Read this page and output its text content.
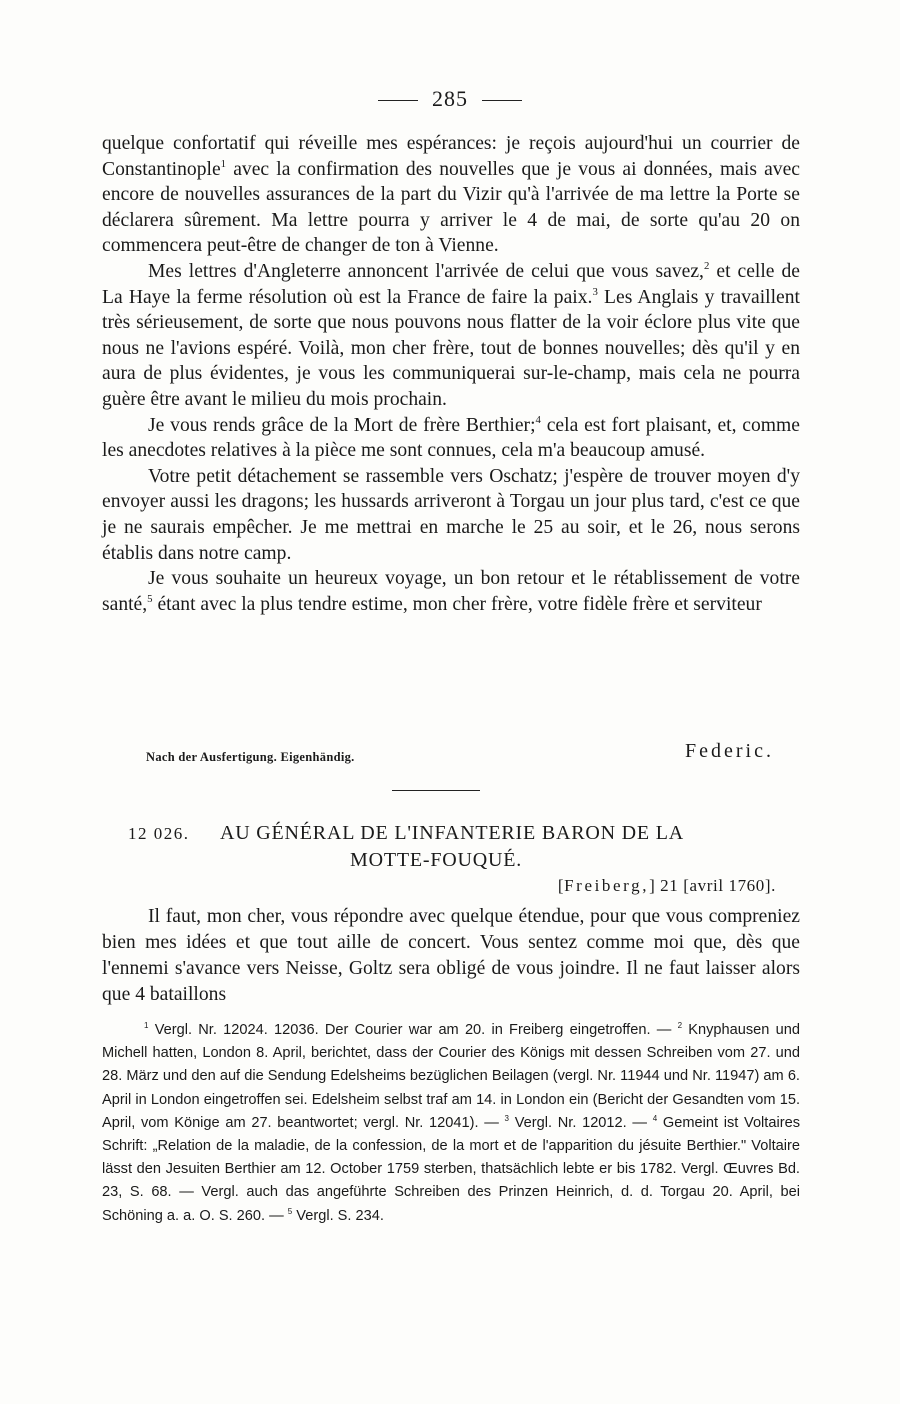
285

quelque confortatif qui réveille mes espérances: je reçois aujourd'hui un courrier de Constantinople$^1$ avec la confirmation des nouvelles que je vous ai données, mais avec encore de nouvelles assurances de la part du Vizir qu'à l'arrivée de ma lettre la Porte se déclarera sûrement. Ma lettre pourra y arriver le 4 de mai, de sorte qu'au 20 on commencera peut-être de changer de ton à Vienne.

Mes lettres d'Angleterre annoncent l'arrivée de celui que vous savez,$^2$ et celle de La Haye la ferme résolution où est la France de faire la paix.$^3$ Les Anglais y travaillent très sérieusement, de sorte que nous pouvons nous flatter de la voir éclore plus vite que nous ne l'avions espéré. Voilà, mon cher frère, tout de bonnes nouvelles; dès qu'il y en aura de plus évidentes, je vous les communiquerai sur-le-champ, mais cela ne pourra guère être avant le milieu du mois prochain.

Je vous rends grâce de la Mort de frère Berthier;$^4$ cela est fort plaisant, et, comme les anecdotes relatives à la pièce me sont connues, cela m'a beaucoup amusé.

Votre petit détachement se rassemble vers Oschatz; j'espère de trouver moyen d'y envoyer aussi les dragons; les hussards arriveront à Torgau un jour plus tard, c'est ce que je ne saurais empêcher. Je me mettrai en marche le 25 au soir, et le 26, nous serons établis dans notre camp.

Je vous souhaite un heureux voyage, un bon retour et le rétablissement de votre santé,$^5$ étant avec la plus tendre estime, mon cher frère, votre fidèle frère et serviteur

Nach der Ausfertigung. Eigenhändig.	Federic.
12 026. AU GÉNÉRAL DE L'INFANTERIE BARON DE LA
MOTTE-FOUQUÉ.
[Freiberg,] 21 [avril 1760].

Il faut, mon cher, vous répondre avec quelque étendue, pour que vous compreniez bien mes idées et que tout aille de concert. Vous sentez comme moi que, dès que l'ennemi s'avance vers Neisse, Goltz sera obligé de vous joindre. Il ne faut laisser alors que 4 bataillons

$^1$ Vergl. Nr. 12024. 12036. Der Courier war am 20. in Freiberg eingetroffen. — $^2$ Knyphausen und Michell hatten, London 8. April, berichtet, dass der Courier des Königs mit dessen Schreiben vom 27. und 28. März und den auf die Sendung Edelsheims bezüglichen Beilagen (vergl. Nr. 11944 und Nr. 11947) am 6. April in London eingetroffen sei. Edelsheim selbst traf am 14. in London ein (Bericht der Gesandten vom 15. April, vom Könige am 27. beantwortet; vergl. Nr. 12041). — $^3$ Vergl. Nr. 12012. — $^4$ Gemeint ist Voltaires Schrift: „Relation de la maladie, de la confession, de la mort et de l'apparition du jésuite Berthier." Voltaire lässt den Jesuiten Berthier am 12. October 1759 sterben, thatsächlich lebte er bis 1782. Vergl. Œuvres Bd. 23, S. 68. — Vergl. auch das angeführte Schreiben des Prinzen Heinrich, d. d. Torgau 20. April, bei Schöning a. a. O. S. 260. — $^5$ Vergl. S. 234.
